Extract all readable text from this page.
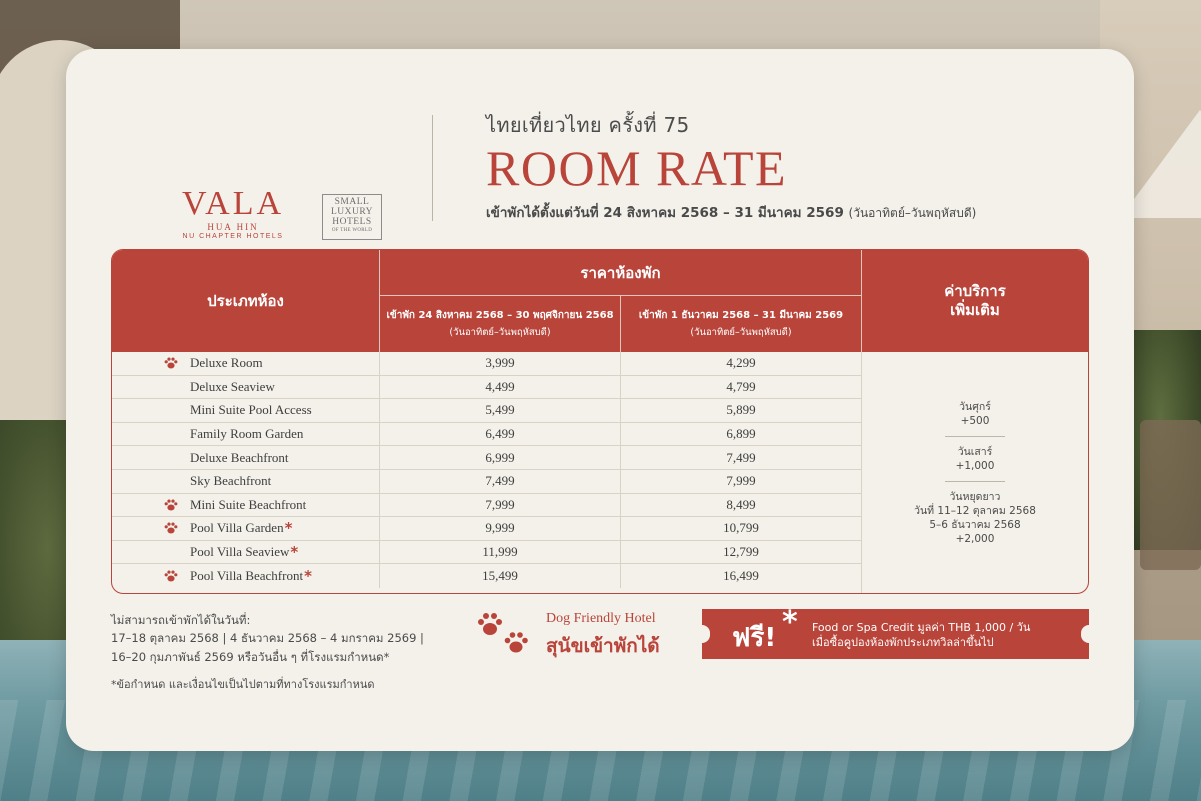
VALA
HUA HIN
NU CHAPTER HOTELS
SMALL
LUXURY
HOTELS
OF THE WORLD
ไทยเที่ยวไทย ครั้งที่ 75
ROOM RATE
เข้าพักได้ตั้งแต่วันที่ 24 สิงหาคม 2568 – 31 มีนาคม 2569 (วันอาทิตย์–วันพฤหัสบดี)
ประเภทห้อง
ราคาห้องพัก
เข้าพัก 24 สิงหาคม 2568 – 30 พฤศจิกายน 2568
(วันอาทิตย์–วันพฤหัสบดี)
เข้าพัก 1 ธันวาคม 2568 – 31 มีนาคม 2569
(วันอาทิตย์–วันพฤหัสบดี)
ค่าบริการ
เพิ่มเติม
Deluxe Room	3,999	4,299
Deluxe Seaview	4,499	4,799
Mini Suite Pool Access	5,499	5,899
Family Room Garden	6,499	6,899
Deluxe Beachfront	6,999	7,499
Sky Beachfront	7,499	7,999
Mini Suite Beachfront	7,999	8,499
Pool Villa Garden *	9,999	10,799
Pool Villa Seaview *	11,999	12,799
Pool Villa Beachfront *	15,499	16,499
วันศุกร์
+500
วันเสาร์
+1,000
วันหยุดยาว
วันที่ 11–12 ตุลาคม 2568
5–6 ธันวาคม 2568
+2,000
ไม่สามารถเข้าพักได้ในวันที่:
17–18 ตุลาคม 2568 | 4 ธันวาคม 2568 – 4 มกราคม 2569 |
16–20 กุมภาพันธ์ 2569 หรือวันอื่น ๆ ที่โรงแรมกำหนด*
*ข้อกำหนด และเงื่อนไขเป็นไปตามที่ทางโรงแรมกำหนด
Dog Friendly Hotel
สุนัขเข้าพักได้	ฟรี! * Food or Spa Credit มูลค่า THB 1,000 / วัน
เมื่อซื้อคูปองห้องพักประเภทวิลล่าขึ้นไป
